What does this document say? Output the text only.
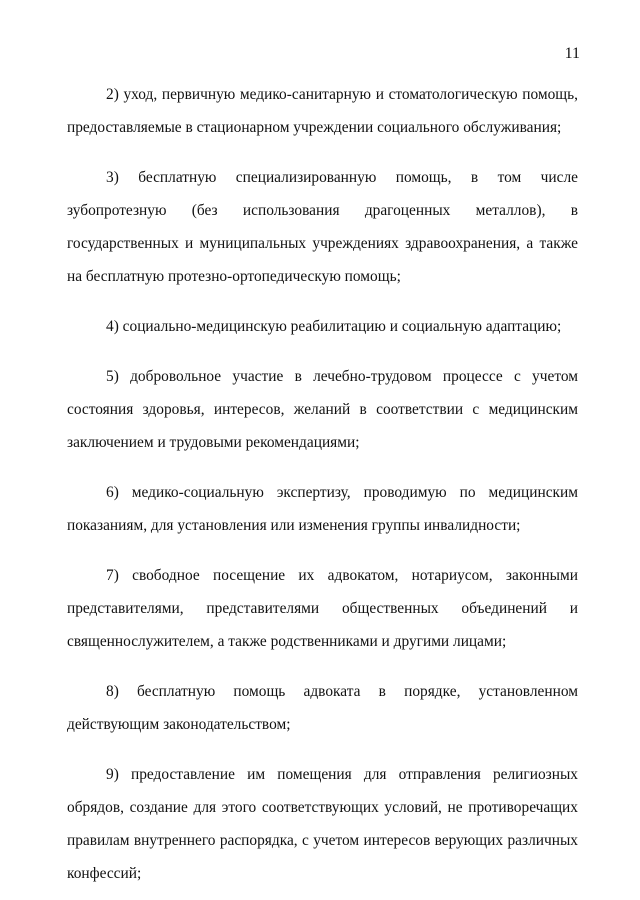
11

2) уход, первичную медико-санитарную и стоматологическую помощь, предоставляемые в стационарном учреждении социального обслуживания;

3) бесплатную специализированную помощь, в том числе зубопротезную (без использования драгоценных металлов), в государственных и муниципальных учреждениях здравоохранения, а также на бесплатную протезно-ортопедическую помощь;

4) социально-медицинскую реабилитацию и социальную адаптацию;

5) добровольное участие в лечебно-трудовом процессе с учетом состояния здоровья, интересов, желаний в соответствии с медицинским заключением и трудовыми рекомендациями;

6) медико-социальную экспертизу, проводимую по медицинским показаниям, для установления или изменения группы инвалидности;

7) свободное посещение их адвокатом, нотариусом, законными представителями, представителями общественных объединений и священнослужителем, а также родственниками и другими лицами;

8) бесплатную помощь адвоката в порядке, установленном действующим законодательством;

9) предоставление им помещения для отправления религиозных обрядов, создание для этого соответствующих условий, не противоречащих правилам внутреннего распорядка, с учетом интересов верующих различных конфессий;
